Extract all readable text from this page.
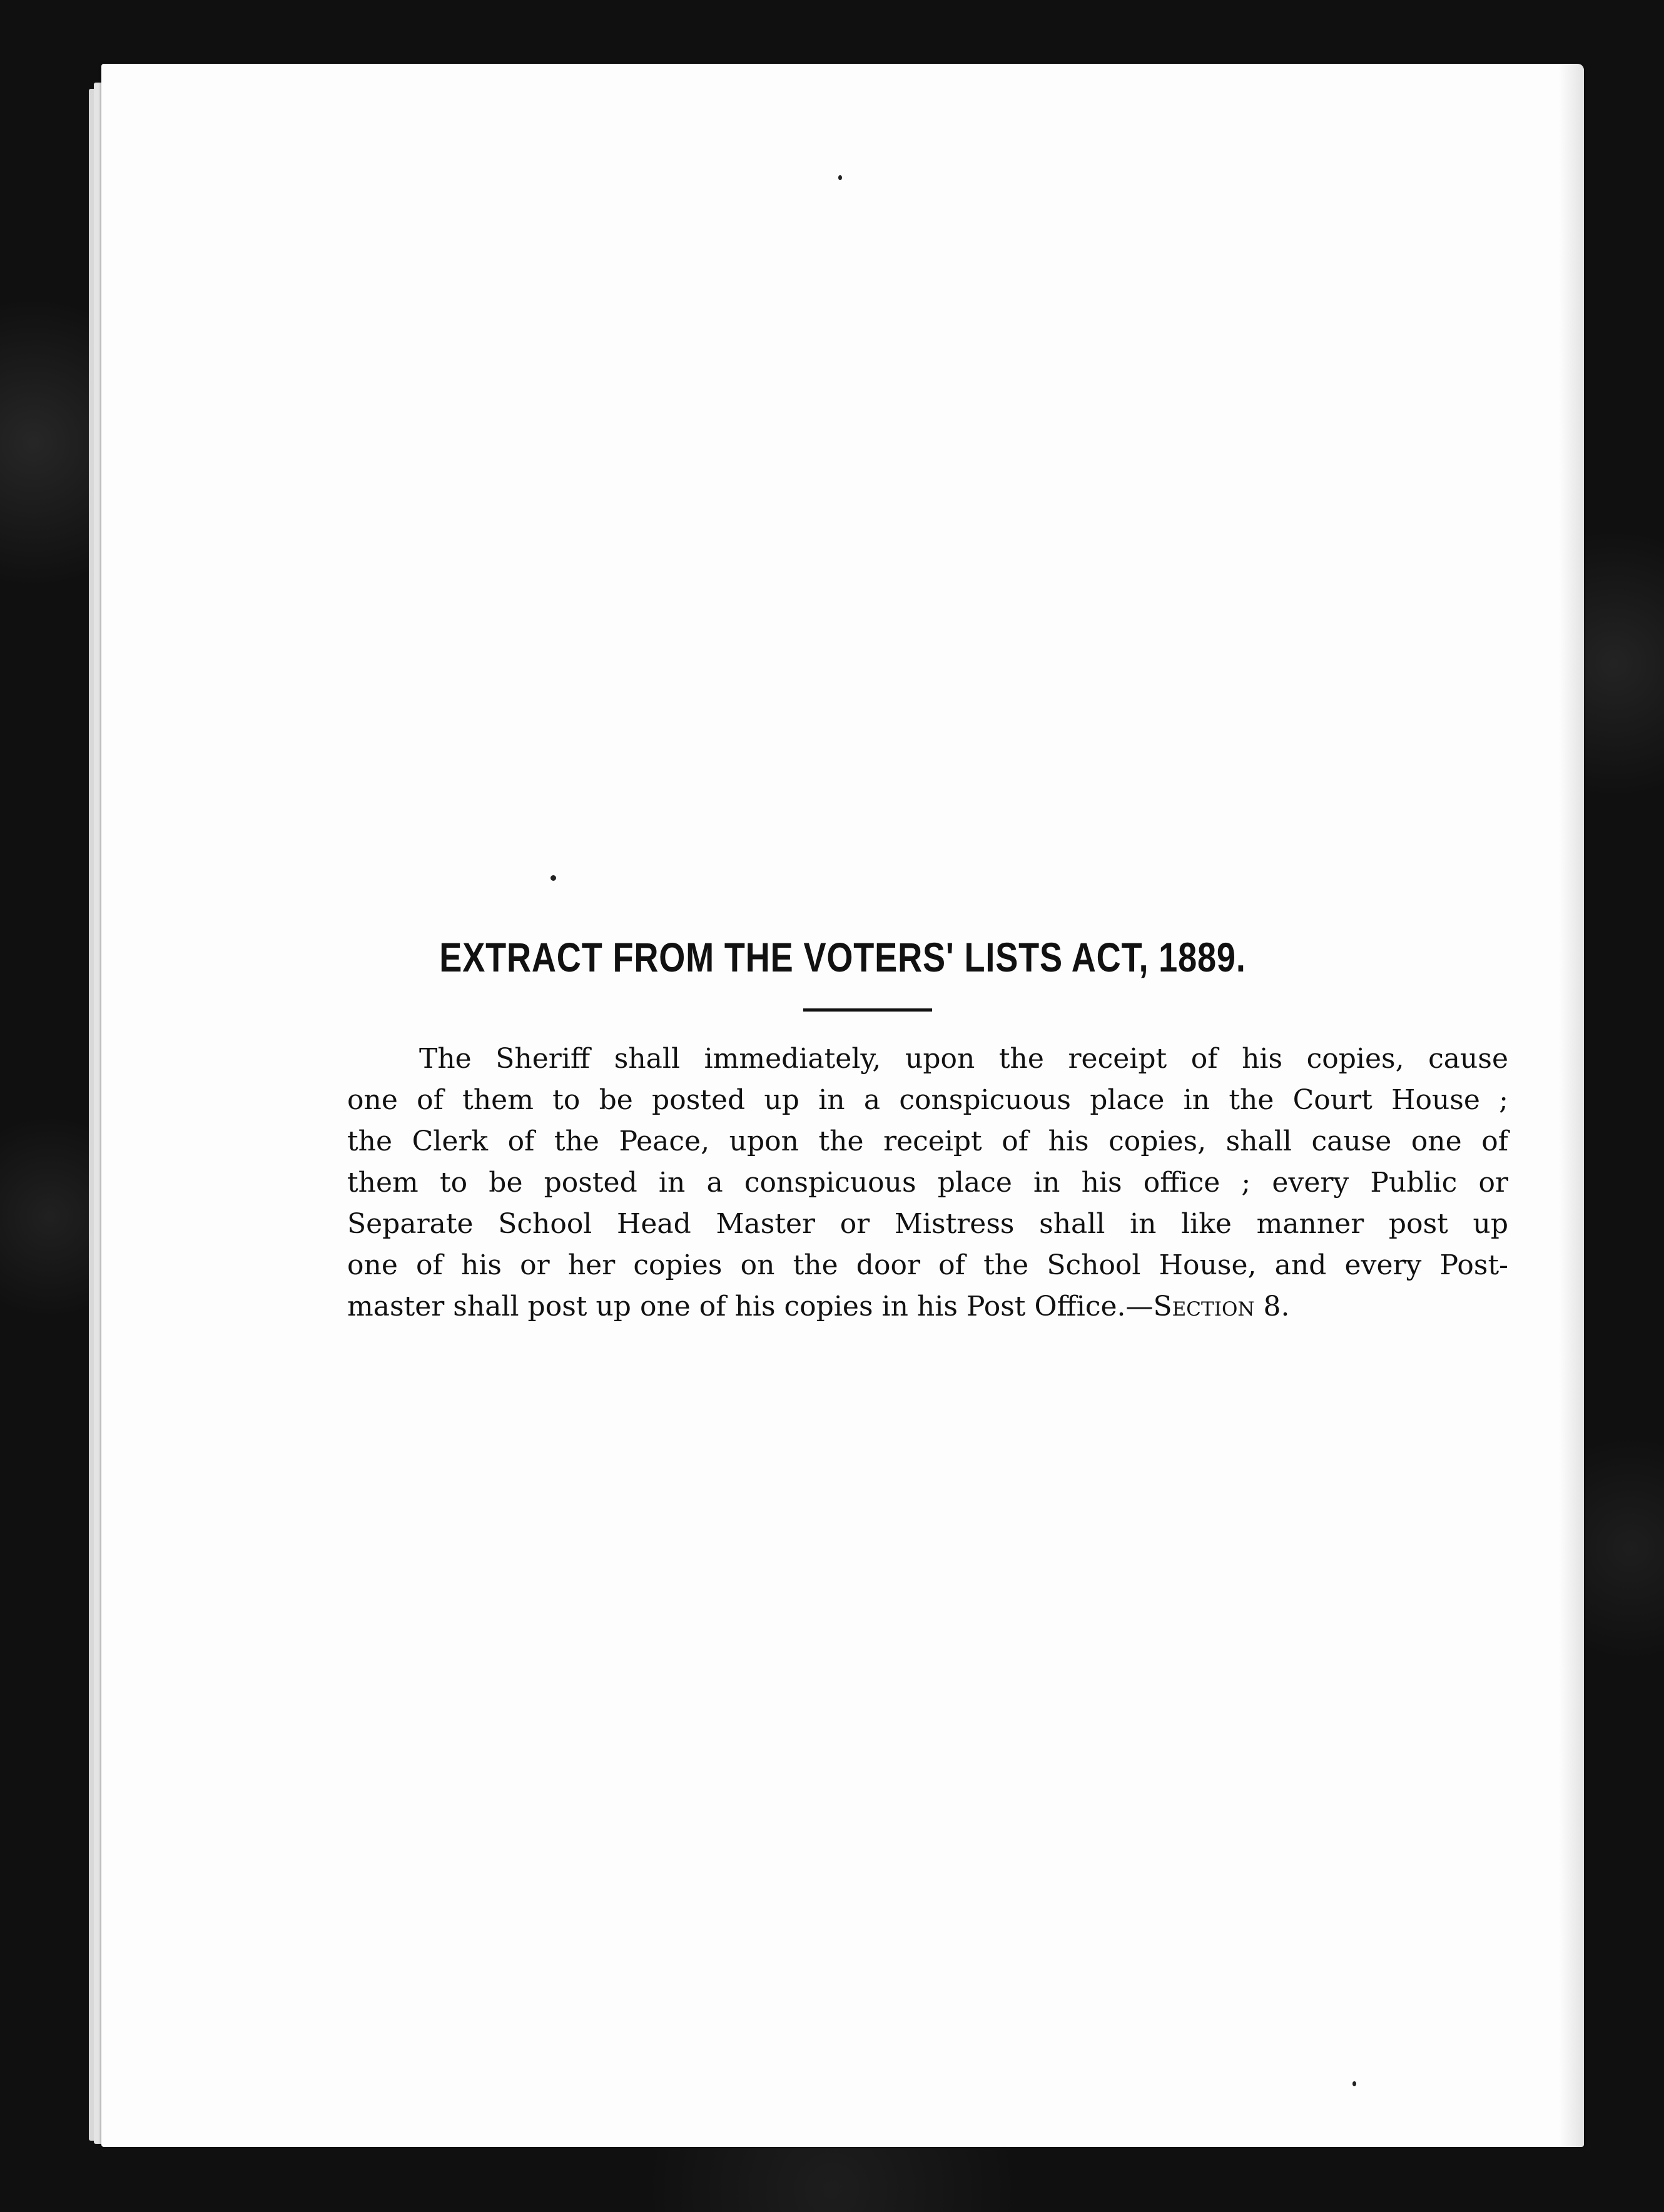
EXTRACT FROM THE VOTERS' LISTS ACT, 1889.
The Sheriff shall immediately, upon the receipt of his copies, cause
one of them to be posted up in a conspicuous place in the Court House ;
the Clerk of the Peace, upon the receipt of his copies, shall cause one of
them to be posted in a conspicuous place in his office ; every Public or
Separate School Head Master or Mistress shall in like manner post up
one of his or her copies on the door of the School House, and every Post-
master shall post up one of his copies in his Post Office.—Section 8.
